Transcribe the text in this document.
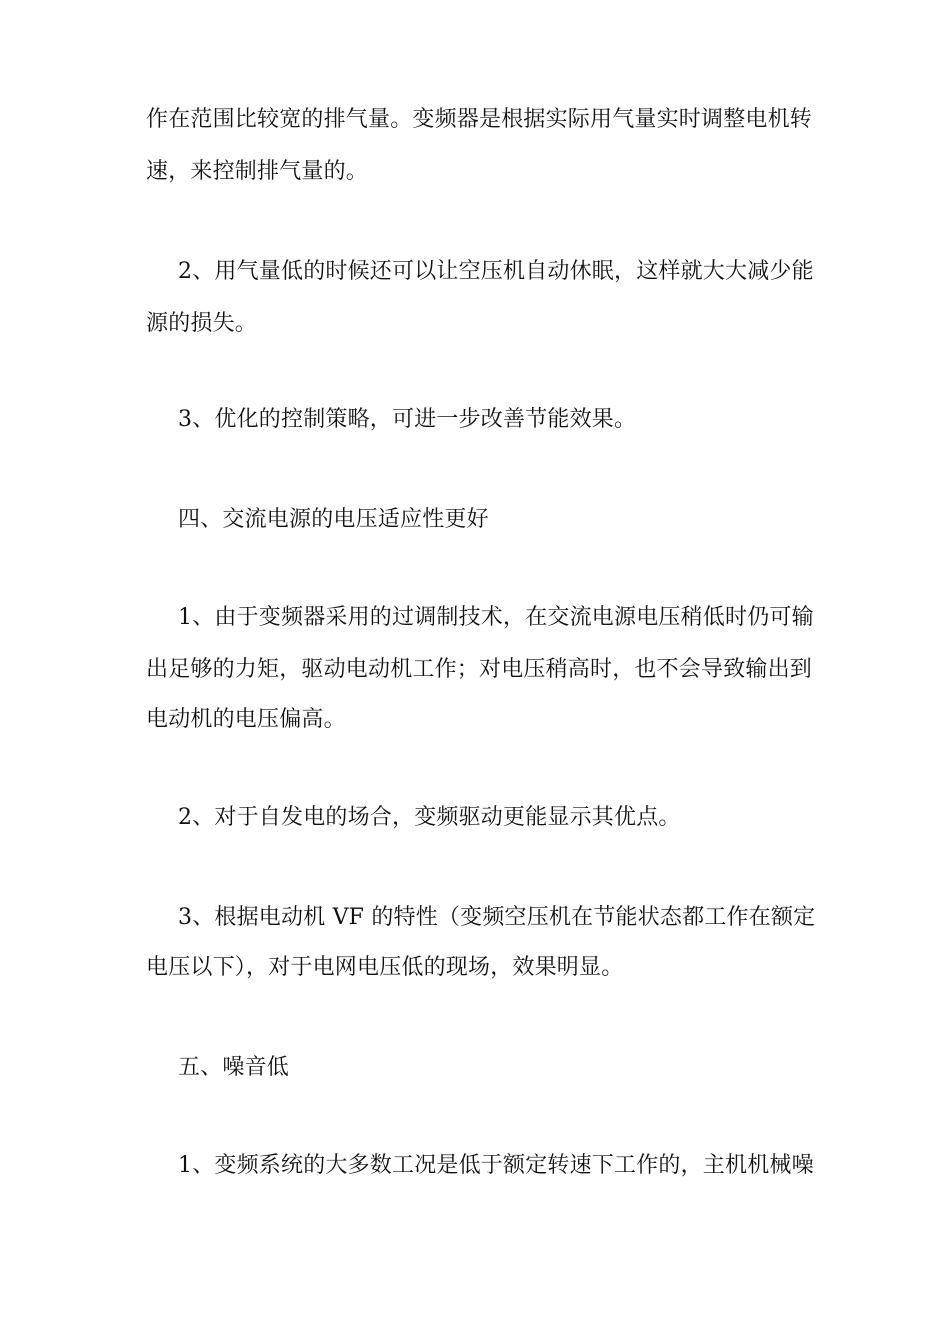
作在范围比较宽的排气量。变频器是根据实际用气量实时调整电机转
速，来控制排气量的。
2、用气量低的时候还可以让空压机自动休眠，这样就大大减少能
源的损失。
3、优化的控制策略，可进一步改善节能效果。
四、交流电源的电压适应性更好
1、由于变频器采用的过调制技术，在交流电源电压稍低时仍可输
出足够的力矩，驱动电动机工作；对电压稍高时，也不会导致输出到
电动机的电压偏高。
2、对于自发电的场合，变频驱动更能显示其优点。
3、根据电动机 VF 的特性（变频空压机在节能状态都工作在额定
电压以下），对于电网电压低的现场，效果明显。
五、噪音低
1、变频系统的大多数工况是低于额定转速下工作的，主机机械噪
